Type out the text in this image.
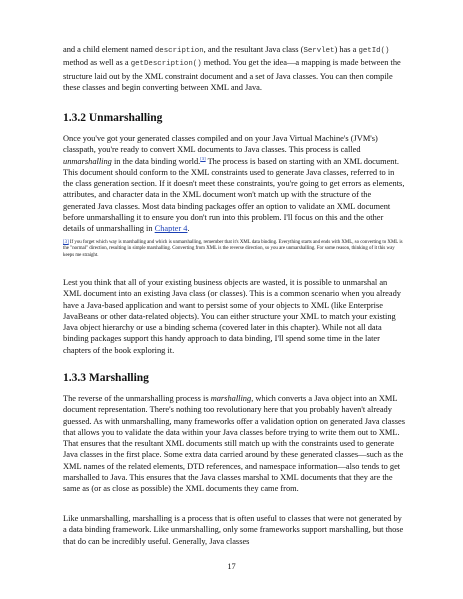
and a child element named description, and the resultant Java class (Servlet) has a getId() method as well as a getDescription() method. You get the idea—a mapping is made between the structure laid out by the XML constraint document and a set of Java classes. You can then compile these classes and begin converting between XML and Java.

1.3.2 Unmarshalling

Once you've got your generated classes compiled and on your Java Virtual Machine's (JVM's) classpath, you're ready to convert XML documents to Java classes. This process is called unmarshalling in the data binding world.[3] The process is based on starting with an XML document. This document should conform to the XML constraints used to generate Java classes, referred to in the class generation section. If it doesn't meet these constraints, you're going to get errors as elements, attributes, and character data in the XML document won't match up with the structure of the generated Java classes. Most data binding packages offer an option to validate an XML document before unmarshalling it to ensure you don't run into this problem. I'll focus on this and the other details of unmarshalling in Chapter 4.

[3] If you forget which way is marshalling and which is unmarshalling, remember that it's XML data binding. Everything starts and ends with XML, so converting to XML is the "normal" direction, resulting in simple marshalling. Converting from XML is the reverse direction, so you are unmarshalling. For some reason, thinking of it this way keeps me straight.

Lest you think that all of your existing business objects are wasted, it is possible to unmarshal an XML document into an existing Java class (or classes). This is a common scenario when you already have a Java-based application and want to persist some of your objects to XML (like Enterprise JavaBeans or other data-related objects). You can either structure your XML to match your existing Java object hierarchy or use a binding schema (covered later in this chapter). While not all data binding packages support this handy approach to data binding, I'll spend some time in the later chapters of the book exploring it.

1.3.3 Marshalling

The reverse of the unmarshalling process is marshalling, which converts a Java object into an XML document representation. There's nothing too revolutionary here that you probably haven't already guessed. As with unmarshalling, many frameworks offer a validation option on generated Java classes that allows you to validate the data within your Java classes before trying to write them out to XML. That ensures that the resultant XML documents still match up with the constraints used to generate Java classes in the first place. Some extra data carried around by these generated classes—such as the XML names of the related elements, DTD references, and namespace information—also tends to get marshalled to Java. This ensures that the Java classes marshal to XML documents that they are the same as (or as close as possible) the XML documents they came from.

Like unmarshalling, marshalling is a process that is often useful to classes that were not generated by a data binding framework. Like unmarshalling, only some frameworks support marshalling, but those that do can be incredibly useful. Generally, Java classes

17
